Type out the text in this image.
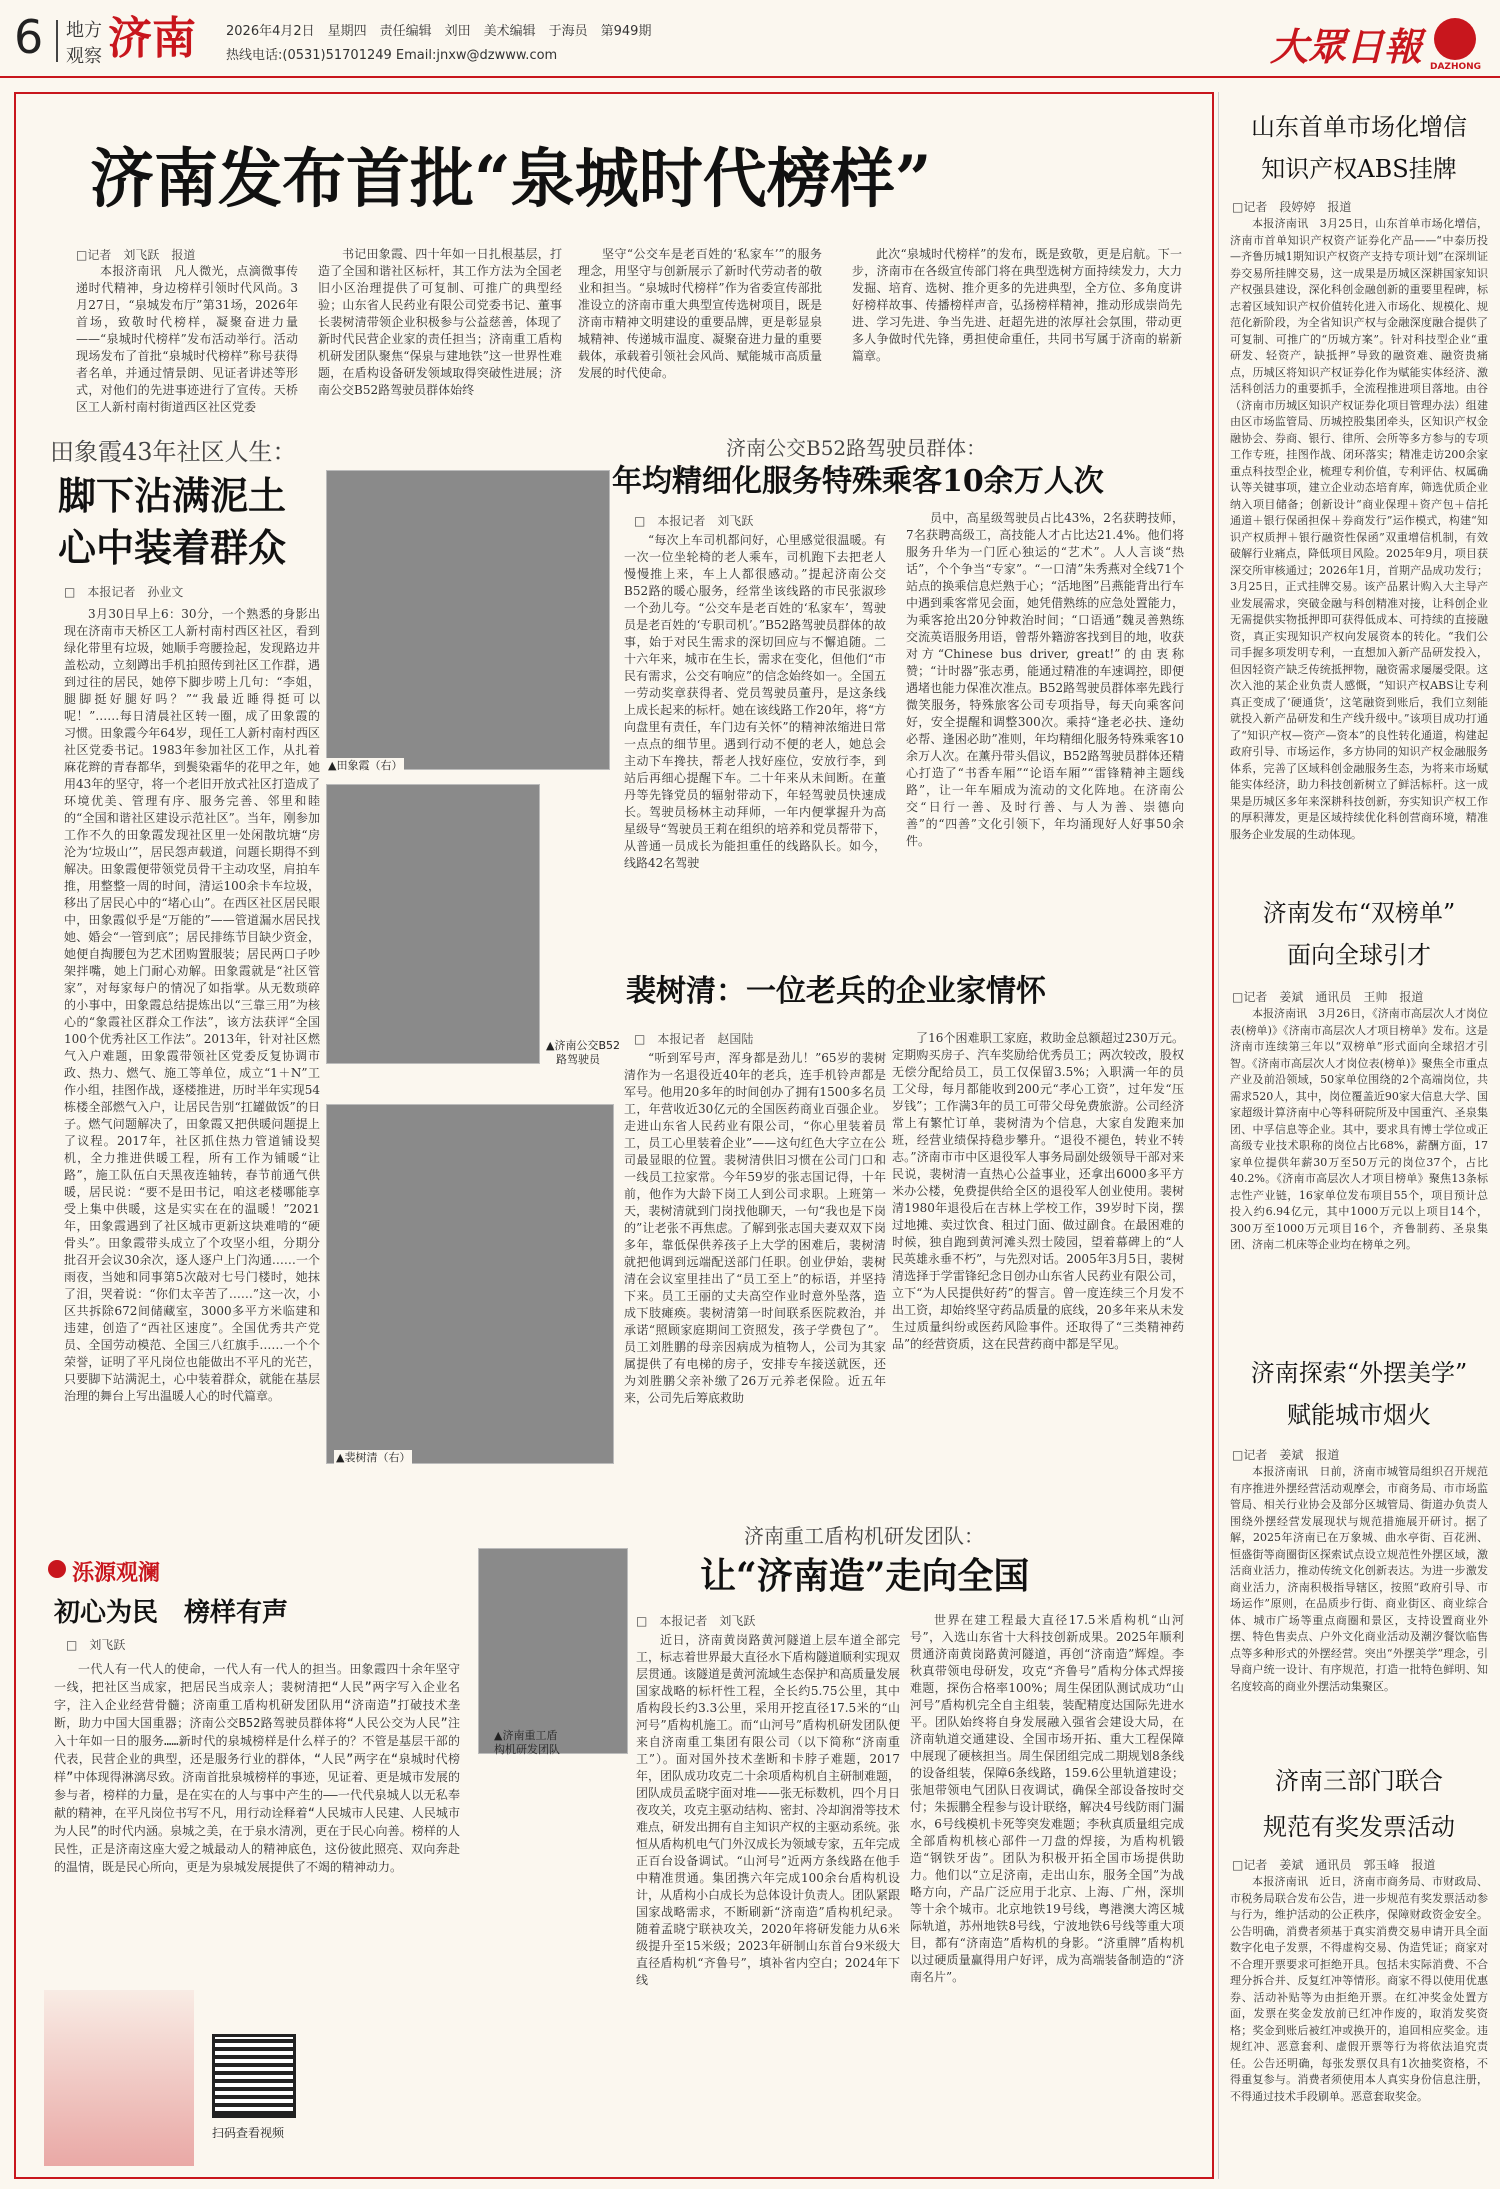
6 地方
观察 济南 2026年4月2日　星期四　责任编辑　刘田　美术编辑　于海员　第949期
热线电话:(0531)51701249 Email:jnxw@dzwww.com	大眾日報 DAZHONG
济南发布首批“泉城时代榜样”
□记者　刘飞跃　报道

本报济南讯　凡人微光，点滴微事传递时代精神，身边榜样引领时代风尚。3月27日，“泉城发布厅”第31场，2026年首场，致敬时代榜样，凝聚奋进力量——“泉城时代榜样”发布活动举行。活动现场发布了首批“泉城时代榜样”称号获得者名单，并通过情景朗、见证者讲述等形式，对他们的先进事迹进行了宣传。天桥区工人新村南村街道西区社区党委

书记田象霞、四十年如一日扎根基层，打造了全国和谐社区标杆，其工作方法为全国老旧小区治理提供了可复制、可推广的典型经验；山东省人民药业有限公司党委书记、董事长裴树清带领企业积极参与公益慈善，体现了新时代民营企业家的责任担当；济南重工盾构机研发团队聚焦“保泉与建地铁”这一世界性难题，在盾构设备研发领域取得突破性进展；济南公交B52路驾驶员群体始终

坚守“公交车是老百姓的‘私家车’”的服务理念，用坚守与创新展示了新时代劳动者的敬业和担当。“泉城时代榜样”作为省委宣传部批准设立的济南市重大典型宣传选树项目，既是济南市精神文明建设的重要品牌，更是彰显泉城精神、传递城市温度、凝聚奋进力量的重要载体，承载着引领社会风尚、赋能城市高质量发展的时代使命。

此次“泉城时代榜样”的发布，既是致敬，更是启航。下一步，济南市在各级宣传部门将在典型选树方面持续发力，大力发掘、培育、选树、推介更多的先进典型，全方位、多角度讲好榜样故事、传播榜样声音，弘扬榜样精神，推动形成崇尚先进、学习先进、争当先进、赶超先进的浓厚社会氛围，带动更多人争做时代先锋，勇担使命重任，共同书写属于济南的崭新篇章。

田象霞43年社区人生：
脚下沾满泥土
心中装着群众
□　本报记者　孙业文

3月30日早上6：30分，一个熟悉的身影出现在济南市天桥区工人新村南村西区社区，看到绿化带里有垃圾，她顺手弯腰捡起，发现路边井盖松动，立刻蹲出手机拍照传到社区工作群，遇到过往的居民，她停下脚步唠上几句：“李姐，腿脚挺好腿好吗？”“我最近睡得挺可以呢！”……每日清晨社区转一圈，成了田象霞的习惯。田象霞今年64岁，现任工人新村南村西区社区党委书记。1983年参加社区工作，从扎着麻花辫的青春都华，到鬓染霜华的花甲之年，她用43年的坚守，将一个老旧开放式社区打造成了环境优美、管理有序、服务完善、邻里和睦的“全国和谐社区建设示范社区”。当年，刚参加工作不久的田象霞发现社区里一处闲散坑塘“房沦为‘垃圾山’”，居民怨声载道，问题长期得不到解决。田象霞便带领党员骨干主动攻坚，肩拍车推，用整整一周的时间，清运100余卡车垃圾，移出了居民心中的“堵心山”。在西区社区居民眼中，田象霞似乎是“万能的”——管道漏水居民找她、婚会“一管到底”；居民排练节目缺少资金，她便自掏腰包为艺术团购置服装；居民两口子吵架拌嘴，她上门耐心劝解。田象霞就是“社区管家”，对每家每户的情况了如指掌。从无数琐碎的小事中，田象霞总结提炼出以“三靠三用”为核心的“象霞社区群众工作法”，该方法获评“全国100个优秀社区工作法”。2013年，针对社区燃气入户难题，田象霞带领社区党委反复协调市政、热力、燃气、施工等单位，成立“1＋N”工作小组，挂图作战，逐楼推进，历时半年实现54栋楼全部燃气入户，让居民告别“扛罐做饭”的日子。燃气问题解决了，田象霞又把供暖问题提上了议程。2017年，社区抓住热力管道铺设契机，全力推进供暖工程，所有工作为铺暖“让路”，施工队伍白天黑夜连轴转，春节前通气供暖，居民说：“要不是田书记，咱这老楼哪能享受上集中供暖，这是实实在在的温暖！”2021年，田象霞遇到了社区城市更新这块难啃的“硬骨头”。田象霞带头成立了个攻坚小组，分期分批召开会议30余次，逐人逐户上门沟通……一个雨夜，当她和同事第5次敲对七号门楼时，她抹了泪，哭着说：“你们太辛苦了……”这一次，小区共拆除672间储藏室，3000多平方米临建和违建，创造了“西社区速度”。全国优秀共产党员、全国劳动模范、全国三八红旗手……一个个荣誉，证明了平凡岗位也能做出不平凡的光芒，只要脚下站满泥土，心中装着群众，就能在基层治理的舞台上写出温暖人心的时代篇章。

▲田象霞（右）
▲济南公交B52
路驾驶员
▲裴树清（右）
▲济南重工盾
构机研发团队
济南公交B52路驾驶员群体：
年均精细化服务特殊乘客10余万人次
□　本报记者　刘飞跃

“每次上车司机都问好，心里感觉很温暖。有一次一位坐轮椅的老人乘车，司机跑下去把老人慢慢推上来，车上人都很感动。”提起济南公交B52路的暖心服务，经常坐该线路的市民张淑珍一个劲儿夸。“公交车是老百姓的‘私家车’，驾驶员是老百姓的‘专职司机’。”B52路驾驶员群体的故事，始于对民生需求的深切回应与不懈追随。二十六年来，城市在生长，需求在变化，但他们“市民有需求，公交有响应”的信念始终如一。全国五一劳动奖章获得者、党员驾驶员董丹，是这条线上成长起来的标杆。她在该线路工作20年，将“方向盘里有责任，车门边有关怀”的精神浓缩进日常一点点的细节里。遇到行动不便的老人，她总会主动下车搀扶，帮老人找好座位，安放行李，到站后再细心提醒下车。二十年来从未间断。在董丹等先锋党员的辐射带动下，年轻驾驶员快速成长。驾驶员杨林主动拜师，一年内便掌握升为高星级导“驾驶员王莉在组织的培养和党员帮带下，从普通一员成长为能担重任的线路队长。如今，线路42名驾驶

员中，高星级驾驶员占比43%，2名获聘技师，7名获聘高级工，高技能人才占比达21.4%。他们将服务升华为一门匠心独运的“艺术”。人人言谈“热话”，个个争当“专家”。“一口清”朱秀燕对全线71个站点的换乘信息烂熟于心；“活地图”吕燕能背出行车中遇到乘客常见会面，她凭借熟练的应急处置能力，为乘客抢出20分钟救治时间；“口语通”魏灵善熟练交流英语服务用语，曾帮外籍游客找到目的地，收获对方“Chinese bus driver, great!”的由衷称赞；“计时器”张志勇，能通过精准的车速调控，即便遇堵也能力保准次准点。B52路驾驶员群体率先践行微笑服务，特殊旅客公司专项指导，每天向乘客问好，安全提醒和调整300次。乘持“逢老必扶、逢幼必帮、逢困必助”准则，年均精细化服务特殊乘客10余万人次。在薰丹带头倡议，B52路驾驶员群体还精心打造了“书香车厢”“论语车厢”“雷锋精神主题线路”，让一年车厢成为流动的文化阵地。在济南公交“日行一善、及时行善、与人为善、崇德向善”的“四善”文化引领下，年均涌现好人好事50余件。

裴树清：一位老兵的企业家情怀
□　本报记者　赵国陆

“听到军号声，浑身都是劲儿！”65岁的裴树清作为一名退役近40年的老兵，连手机铃声都是军号。他用20多年的时间创办了拥有1500多名员工，年营收近30亿元的全国医药商业百强企业。走进山东省人民药业有限公司，“你心里装着员工，员工心里装着企业”——这句红色大字立在公司最显眼的位置。裴树清供旧习惯在公司门口和一线员工拉家常。今年59岁的张志国记得，十年前，他作为大龄下岗工人到公司求职。上班第一天，裴树清就到门岗找他聊天，一句“我也是下岗的”让老张不再焦虑。了解到张志国夫妻双双下岗多年，靠低保供养孩子上大学的困难后，裴树清就把他调到远端配送部门任职。创业伊始，裴树清在会议室里挂出了“员工至上”的标语，并坚持下来。员工王丽的丈夫高空作业时意外坠落，造成下肢瘫痪。裴树清第一时间联系医院救治，并承诺“照顾家庭期间工资照发，孩子学费包了”。员工刘胜鹏的母亲因病成为植物人，公司为其家属提供了有电梯的房子，安排专车接送就医，还为刘胜鹏父亲补缴了26万元养老保险。近五年来，公司先后筹底救助

了16个困难职工家庭，救助金总额超过230万元。定期购买房子、汽车奖励给优秀员工；两次较改，股权无偿分配给员工，员工仅保留3.5%；入职满一年的员工父母，每月都能收到200元“孝心工资”，过年发“压岁钱”；工作满3年的员工可带父母免费旅游。公司经济常上有繁忙订单，裴树清为个信息，大家自发跑来加班，经营业绩保持稳步攀升。“退役不褪色，转业不转志。”济南市市中区退役军人事务局副处级领导干部对来民说，裴树清一直热心公益事业，还拿出6000多平方米办公楼，免费提供给全区的退役军人创业使用。裴树清1980年退役后在吉林上学校工作，39岁时下岗，摆过地摊、卖过饮食、租过门面、做过副食。在最困难的时候，独自跑到黄河滩头烈士陵园，望着幕碑上的“人民英雄永垂不朽”，与先烈对话。2005年3月5日，裴树清选择于学雷锋纪念日创办山东省人民药业有限公司，立下“为人民提供好药”的誓言。曾一度连续三个月发不出工资，却始终坚守药品质量的底线，20多年来从未发生过质量纠纷或医药风险事件。还取得了“三类精神药品”的经营资质，这在民营药商中都是罕见。

济南重工盾构机研发团队：
让“济南造”走向全国
□　本报记者　刘飞跃

近日，济南黄岗路黄河隧道上层车道全部完工，标志着世界最大直径水下盾构隧道顺利实现双层贯通。该隧道是黄河流域生态保护和高质量发展国家战略的标杆性工程，全长约5.75公里，其中盾构段长约3.3公里，采用开挖直径17.5米的“山河号”盾构机施工。而“山河号”盾构机研发团队便来自济南重工集团有限公司（以下简称“济南重工”）。面对国外技术垄断和卡脖子难题，2017年，团队成功攻克二十余项盾构机自主研制难题，团队成员孟晓宇面对堆——张无标数机，四个月日夜攻关，攻克主驱动结构、密封、冷却润滑等技术难点，研发出拥有自主知识产权的主驱动系统。张恒从盾构机电气门外汉成长为领域专家，五年完成正百台设备调试。“山河号”近两方条线路在他手中精准贯通。集团携六年完成100余台盾构机设计，从盾构小白成长为总体设计负责人。团队紧跟国家战略需求，不断刷新“济南造”盾构机纪录。随着孟晓宁联袂攻关，2020年将研发能力从6米级提升至15米级；2023年研制山东首台9米级大直径盾构机“齐鲁号”，填补省内空白；2024年下线

世界在建工程最大直径17.5米盾构机“山河号”，入选山东省十大科技创新成果。2025年顺利贯通济南黄岗路黄河隧道，再创“济南造”辉煌。李秋真带领电母研发，攻克“齐鲁号”盾构分体式焊接难题，探伤合格率100%；周生保团队测试成功“山河号”盾构机完全自主组装，装配精度达国际先进水平。团队始终将自身发展融入强省会建设大局，在济南轨道交通建设、全国市场开拓、重大工程保障中展现了硬核担当。周生保团组完成二期规划8条线的设备组装，保障6条线路，159.6公里轨道建设；张旭带领电气团队日夜调试，确保全部设备按时交付；朱振鹏全程参与设计联络，解决4号线防雨门漏水，6号线模机卡死等突发难题；李秋真质量组完成全部盾构机核心部件一刀盘的焊接，为盾构机锻造“钢铁牙齿”。团队为积极开拓全国市场提供助力。他们以“立足济南，走出山东，服务全国”为战略方向，产品广泛应用于北京、上海、广州，深圳等十余个城市。北京地铁19号线，粤港澳大湾区城际轨道，苏州地铁8号线，宁波地铁6号线等重大项目，都有“济南造”盾构机的身影。“济重牌”盾构机以过硬质量赢得用户好评，成为高端装备制造的“济南名片”。

泺源观澜
初心为民　榜样有声
□　刘飞跃

一代人有一代人的使命，一代人有一代人的担当。田象霞四十余年坚守一线，把社区当成家，把居民当成亲人；裴树清把“人民”两字写入企业名字，注入企业经营骨髓；济南重工盾构机研发团队用“济南造”打破技术垄断，助力中国大国重器；济南公交B52路驾驶员群体将“人民公交为人民”注入十年如一日的服务……新时代的泉城榜样是什么样子的？不管是基层干部的代表，民营企业的典型，还是服务行业的群体，“人民”两字在“泉城时代榜样”中体现得淋漓尽致。济南首批泉城榜样的事迹，见证着、更是城市发展的参与者，榜样的力量，是在实在的人与事中产生的——一代代泉城人以无私奉献的精神，在平凡岗位书写不凡，用行动诠释着“人民城市人民建、人民城市为人民”的时代内涵。泉城之美，在于泉水清冽，更在于民心向善。榜样的人民性，正是济南这座大爱之城最动人的精神底色，这份彼此照亮、双向奔赴的温情，既是民心所向，更是为泉城发展提供了不竭的精神动力。

扫码查看视频
山东首单市场化增信
知识产权ABS挂牌
□记者　段婷婷　报道

本报济南讯　3月25日，山东首单市场化增信，济南市首单知识产权资产证券化产品——“中泰历投—齐鲁历城1期知识产权资产支持专项计划”在深圳证券交易所挂牌交易，这一成果是历城区深耕国家知识产权强县建设，深化科创金融创新的重要里程碑，标志着区域知识产权价值转化进入市场化、规模化、规范化新阶段，为全省知识产权与金融深度融合提供了可复制、可推广的“历城方案”。针对科技型企业“重研发、轻资产，缺抵押”导致的融资难、融资贵痛点，历城区将知识产权证券化作为赋能实体经济、激活科创活力的重要抓手，全流程推进项目落地。由谷（济南市历城区知识产权证券化项目管理办法）组建由区市场监管局、历城控股集团牵头，区知识产权金融协会、券商、银行、律所、会所等多方参与的专项工作专班，挂图作战、闭环落实；精准走访200余家重点科技型企业，梳理专利价值，专利评估、权属确认等关键事项，建立企业动态培育库，筛选优质企业纳入项目储备；创新设计“商业保理＋资产包＋信托通道＋银行保函担保＋券商发行”运作模式，构建“知识产权质押＋银行融资性保函”双重增信机制，有效破解行业痛点，降低项目风险。2025年9月，项目获深交所审核通过；2026年1月，首期产品成功发行；3月25日，正式挂牌交易。该产品累计购入大主导产业发展需求，突破金融与科创精准对接，让科创企业无需提供实物抵押即可获得低成本、可持续的直接融资，真正实现知识产权向发展资本的转化。“我们公司手握多项发明专利，一直想加入新产品研发投入，但因轻资产缺乏传统抵押物，融资需求屡屡受限。这次入池的某企业负责人感慨，“知识产权ABS让专利真正变成了‘硬通货’，这笔融资到账后，我们立刻能就投入新产品研发和生产线升级中。”该项目成功打通了“知识产权—资产—资本”的良性转化通道，构建起政府引导、市场运作，多方协同的知识产权金融服务体系，完善了区域科创金融服务生态，为将来市场赋能实体经济，助力科技创新树立了鲜活标杆。这一成果是历城区多年来深耕科技创新，夯实知识产权工作的厚积薄发，更是区域持续优化科创营商环境，精准服务企业发展的生动体现。

济南发布“双榜单”
面向全球引才
□记者　姜斌　通讯员　王帅　报道

本报济南讯　3月26日，《济南市高层次人才岗位表(榜单)》《济南市高层次人才项目榜单》发布。这是济南市连续第三年以“双榜单”形式面向全球招才引智。《济南市高层次人才岗位表(榜单)》聚焦全市重点产业及前沿领域，50家单位围绕的2个高端岗位，共需求520人，其中，岗位覆盖近90家大信息大学、国家超级计算济南中心等科研院所及中国重汽、圣泉集团、中孚信息等企业。其中，要求具有博士学位或正高级专业技术职称的岗位占比68%，薪酬方面，17家单位提供年薪30万至50万元的岗位37个，占比40.2%。《济南市高层次人才项目榜单》聚焦13条标志性产业链，16家单位发布项目55个，项目预计总投入约6.94亿元，其中1000万元以上项目14个，300万至1000万元项目16个，齐鲁制药、圣泉集团、济南二机床等企业均在榜单之列。

济南探索“外摆美学”
赋能城市烟火
□记者　姜斌　报道

本报济南讯　日前，济南市城管局组织召开规范有序推进外摆经营活动观摩会，市商务局、市市场监管局、相关行业协会及部分区城管局、街道办负责人围绕外摆经营发展现状与规范措施展开研讨。据了解，2025年济南已在万象城、曲水亭街、百花洲、恒盛街等商圈街区探索试点设立规范性外摆区域，激活商业活力，推动传统文化创新表达。为进一步激发商业活力，济南积极指导辖区，按照“政府引导、市场运作”原则，在品质步行街、商业街区、商业综合体、城市广场等重点商圈和景区，支持设置商业外摆、特色售卖点、户外文化商业活动及潮汐餐饮临售点等多种形式的外摆经营。突出“外摆美学”理念，引导商户统一设计、有序规范，打造一批特色鲜明、知名度较高的商业外摆活动集聚区。

济南三部门联合
规范有奖发票活动
□记者　姜斌　通讯员　郭玉峰　报道

本报济南讯　近日，济南市商务局、市财政局、市税务局联合发布公告，进一步规范有奖发票活动参与行为，维护活动的公正秩序，保障财政资金安全。公告明确，消费者须基于真实消费交易申请开具全面数字化电子发票，不得虚构交易、伪造凭证；商家对不合理开票要求可拒绝开具。包括未实际消费、不合理分拆合并、反复红冲等情形。商家不得以使用优惠券、活动补贴等为由拒绝开票。在红冲奖金处置方面，发票在奖金发放前已红冲作废的，取消发奖资格；奖金到账后被红冲或换开的，追回相应奖金。违规红冲、恶意套利、虚假开票等行为将依法追究责任。公告还明确，每张发票仅具有1次抽奖资格，不得重复参与。消费者须使用本人真实身份信息注册，不得通过技术手段刷单。恶意套取奖金。
